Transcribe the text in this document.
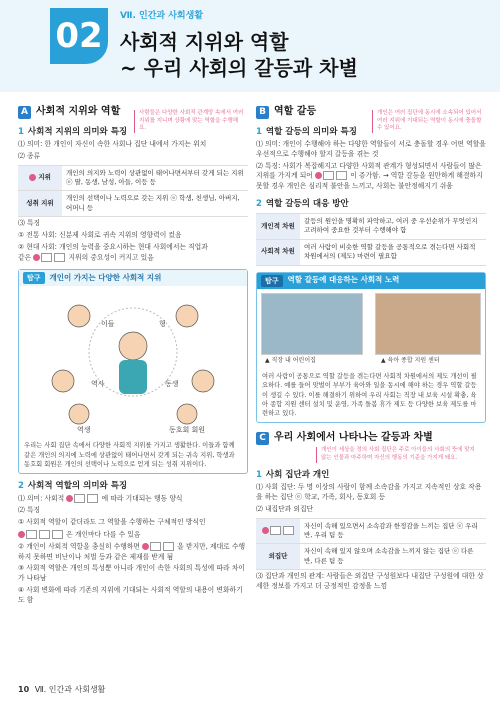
02	Ⅶ. 인간과 사회생활
사회적 지위와 역할
~ 우리 사회의 갈등과 차별
A 사회적 지위와 역할
1 사회적 지위의 의미와 특징
⑴ 의미: 한 개인이 자신이 속한 사회나 집단 내에서 가지는 위치
⑵ 종류
지위	개인의 의지와 노력이 상관없이 태어나면서부터 갖게 되는 지위 ⓔ 딸, 동생, 남성, 아들, 이등 등
성취 지위	개인의 선택이나 노력으로 갖는 지위 ⓔ 학생, 친생님, 아버지, 어머니 등
⑶ 특징
① 전통 사회: 신분제 사회로 귀속 지위의 영향력이 컸음
② 현대 사회: 개인의 능력을 중요시하는 현대 사회에서는 직업과
같은	지위의 중요성이 커지고 있음
탐구	개인이 가지는 다양한 사회적 지위
이들	형
역사	동생
역생	동호회 회원
우리는 사회 집단 속에서 다양한 사회적 지위를 가지고 생활한다. 이들과 함께 같은 개인의 의지에 노력에 상관없이 태어나면서 갖게 되는 귀속 지위, 학생과 동호회 회원은 개인의 선택이나 노력으로 얻게 되는 성취 지위이다.
2 사회적 역할의 의미와 특징
⑴ 의미: 사회적	에 따라 기대되는 행동 양식
⑵ 특징
① 사회적 역할이 같더라도 그 역할을 수행하는 구체적인 방식인
은 개인마다 다를 수 있음
② 개인이 사회적 역할을 충실히 수행하면	을 받지만, 제대로 수행하지 못하면 비난이나 처벌 등과 같은 제재를 받게 됨
③ 사회적 역할은 개인의 특성뿐 아니라 개인이 속한 사회의 특성에 따라 차이가 나타남
④ 사회 변화에 따라 기존의 지위에 기대되는 사회적 역할의 내용이 변화하기도 함
사람들은 다양한 사회적 관계망 속에서 여러 지위를 지니며 상황에 맞는 역할을 수행해요.
B 역할 갈등
1 역할 갈등의 의미와 특징
⑴ 의미: 개인이 수행해야 하는 다양한 역할들이 서로 충돌할 경우 어떤 역할을 우선적으로 수행해야 할지 갈등을 겪는 것
⑵ 특징: 사회가 복잡해지고 다양한 사회적 관계가 형성되면서 사람들이 많은 지위를 가지게 되어	이 증가함. → 역할 갈등을 원만하게 해결하지 못할 경우 개인은 심리적 불안을 느끼고, 사회는 불안정해지기 쉬움
2 역할 갈등의 대응 방안
개인적 차원	갈등의 원인을 명확히 파악하고, 여러 중 우선순위가 무엇인지 고려하여 중요한 것부터 수행해야 함
사회적 차원	여러 사람이 비슷한 역할 갈등을 공통적으로 겪는다면 사회적 차원에서의 (제도) 마련이 필요함
탐구	역할 갈등에 대응하는 사회적 노력
▲ 직장 내 어린이집	▲ 육아 종합 지원 센터
여러 사람이 공통으로 역할 갈등을 겪는다면 사회적 차원에서의 제도 개선이 필요하다. 예를 들어 맞벌이 부부가 육아와 일을 동시에 해야 하는 경우 역할 갈등이 생길 수 있다. 이를 해결하기 위하여 우리 사회는 직장 내 보육 시설 확충, 육아 종합 지원 센터 설치 및 운영, 가족 돌봄 휴가 제도 등 다양한 보육 제도를 마련하고 있다.
C 우리 사회에서 나타나는 갈등과 차별
개인이 세상을 정의 사회 집단은 주로 아이들의 사회의 뜻에 맞지 않는 인물과 마주하며 자신의 행동의 기준을 가지게 돼요.
1 사회 집단과 개인
⑴ 사회 집단: 두 명 이상의 사람이 함께 소속감을 가지고 지속적인 상호 작용을 하는 집단 ⓔ 학교, 가족, 회사, 동호회 등
⑵ 내집단과 외집단
	자신이 속해 있으면서 소속감과 한정감을 느끼는 집단 ⓔ 우리 반, 우리 팀 등
외집단	자신이 속해 있지 않으며 소속감을 느끼지 않는 집단 ⓔ 다른 반, 다른 팀 등
⑶ 집단과 개인의 관계: 사람들은 외집단 구성원보다 내집단 구성원에 대한 상세한 정보를 가지고 더 긍정적인 감정을 느낌
개인은 여러 집단에 동시에 소속되어 있어서 여러 지위에 기대되는 역할이 동시에 충돌할 수 있어요.
10 Ⅶ. 인간과 사회생활
